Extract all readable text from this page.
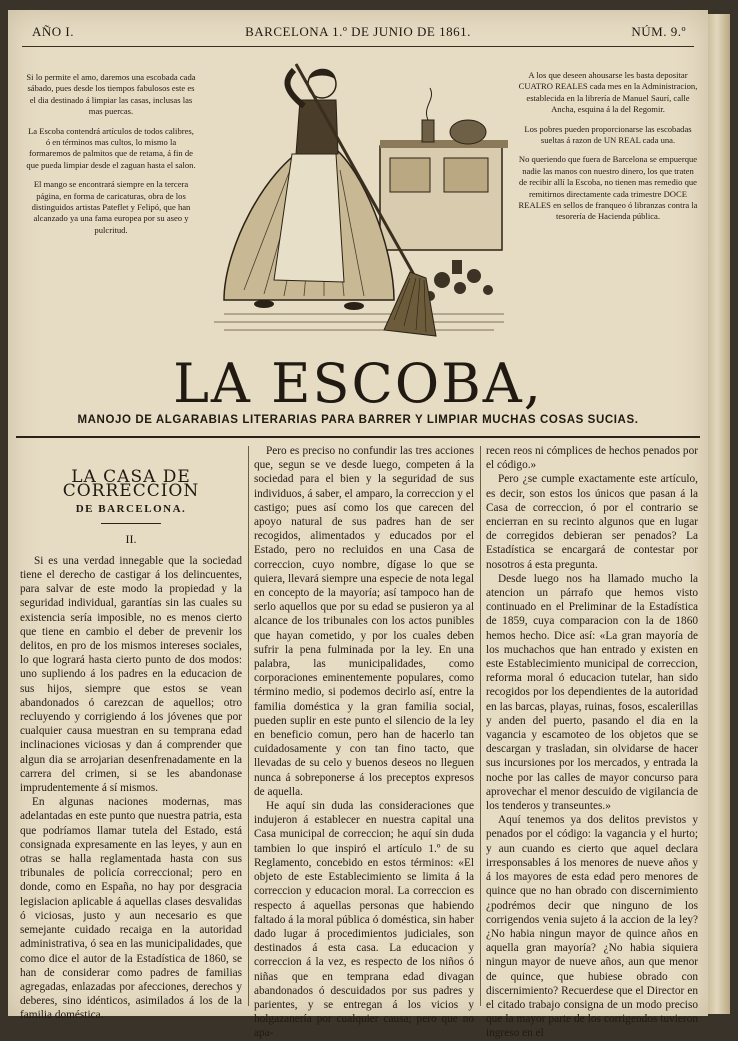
AÑO I.	BARCELONA 1.º DE JUNIO DE 1861.	NÚM. 9.º

Si lo permite el amo, daremos una escobada cada sábado, pues desde los tiempos fabulosos este es el dia destinado á limpiar las casas, inclusas las mas puercas.

La Escoba contendrá artículos de todos calibres, ó en términos mas cultos, lo mismo la formaremos de palmitos que de retama, á fin de que pueda limpiar desde el zaguan hasta el salon.

El mango se encontrará siempre en la tercera página, en forma de caricaturas, obra de los distinguidos artistas Pateflet y Felipó, que han alcanzado ya una fama europea por su aseo y pulcritud.

A los que deseen ahousarse les basta depositar CUATRO REALES cada mes en la Administracion, establecida en la librería de Manuel Saurí, calle Ancha, esquina á la del Regomir.

Los pobres pueden proporcionarse las escobadas sueltas á razon de UN REAL cada una.

No queriendo que fuera de Barcelona se empuerque nadie las manos con nuestro dinero, los que traten de recibir allí la Escoba, no tienen mas remedio que remitirnos directamente cada trimestre DOCE REALES en sellos de franqueo ó libranzas contra la tesorería de Hacienda pública.

LA ESCOBA,
MANOJO DE ALGARABIAS LITERARIAS PARA BARRER Y LIMPIAR MUCHAS COSAS SUCIAS.
LA CASA DE CORRECCION
DE BARCELONA.
II.

Si es una verdad innegable que la sociedad tiene el derecho de castigar á los delincuentes, para salvar de este modo la propiedad y la seguridad individual, garantías sin las cuales su existencia sería imposible, no es menos cierto que tiene en cambio el deber de prevenir los delitos, en pro de los mismos intereses sociales, lo que logrará hasta cierto punto de dos modos: uno supliendo á los padres en la educacion de sus hijos, siempre que estos se vean abandonados ó carezcan de aquellos; otro recluyendo y corrigiendo á los jóvenes que por cualquier causa muestran en su temprana edad inclinaciones viciosas y dan á comprender que algun dia se arrojarian desenfrenadamente en la carrera del crimen, si se les abandonase imprudentemente á sí mismos.

En algunas naciones modernas, mas adelantadas en este punto que nuestra patria, esta que podríamos llamar tutela del Estado, está consignada expresamente en las leyes, y aun en otras se halla reglamentada hasta con sus tribunales de policía correccional; pero en donde, como en España, no hay por desgracia legislacion aplicable á aquellas clases desvalidas ó viciosas, justo y aun necesario es que semejante cuidado recaiga en la autoridad administrativa, ó sea en las municipalidades, que como dice el autor de la Estadística de 1860, se han de considerar como padres de familias agregadas, enlazadas por afecciones, derechos y deberes, sino idénticos, asimilados á los de la familia doméstica.

Pero es preciso no confundir las tres acciones que, segun se ve desde luego, competen á la sociedad para el bien y la seguridad de sus individuos, á saber, el amparo, la correccion y el castigo; pues así como los que carecen del apoyo natural de sus padres han de ser recogidos, alimentados y educados por el Estado, pero no recluidos en una Casa de correccion, cuyo nombre, dígase lo que se quiera, llevará siempre una especie de nota legal en concepto de la mayoría; así tampoco han de serlo aquellos que por su edad se pusieron ya al alcance de los tribunales con los actos punibles que hayan cometido, y por los cuales deben sufrir la pena fulminada por la ley. En una palabra, las municipalidades, como corporaciones eminentemente populares, como término medio, si podemos decirlo así, entre la familia doméstica y la gran familia social, pueden suplir en este punto el silencio de la ley en beneficio comun, pero han de hacerlo tan cuidadosamente y con tan fino tacto, que llevadas de su celo y buenos deseos no lleguen nunca á sobreponerse á los preceptos expresos de aquella.

He aquí sin duda las consideraciones que indujeron á establecer en nuestra capital una Casa municipal de correccion; he aquí sin duda tambien lo que inspiró el artículo 1.º de su Reglamento, concebido en estos términos: «El objeto de este Establecimiento se limita á la correccion y educacion moral. La correccion es respecto á aquellas personas que habiendo faltado á la moral pública ó doméstica, sin haber dado lugar á procedimientos judiciales, son destinados á esta casa. La educacion y correccion á la vez, es respecto de los niños ó niñas que en temprana edad divagan abandonados ó descuidados por sus padres y parientes, y se entregan á los vicios y holgazanería por cualquier causa; pero que no apa-

recen reos ni cómplices de hechos penados por el código.»

Pero ¿se cumple exactamente este artículo, es decir, son estos los únicos que pasan á la Casa de correccion, ó por el contrario se encierran en su recinto algunos que en lugar de corregidos debieran ser penados? La Estadística se encargará de contestar por nosotros á esta pregunta.

Desde luego nos ha llamado mucho la atencion un párrafo que hemos visto continuado en el Preliminar de la Estadística de 1859, cuya comparacion con la de 1860 hemos hecho. Dice así: «La gran mayoría de los muchachos que han entrado y existen en este Establecimiento municipal de correccion, reforma moral ó educacion tutelar, han sido recogidos por los dependientes de la autoridad en las barcas, playas, ruinas, fosos, escalerillas y anden del puerto, pasando el dia en la vagancia y escamoteo de los objetos que se descargan y trasladan, sin olvidarse de hacer sus incursiones por los mercados, y entrada la noche por las calles de mayor concurso para aprovechar el menor descuido de vigilancia de los tenderos y transeuntes.»

Aquí tenemos ya dos delitos previstos y penados por el código: la vagancia y el hurto; y aun cuando es cierto que aquel declara irresponsables á los menores de nueve años y á los mayores de esta edad pero menores de quince que no han obrado con discernimiento ¿podrémos decir que ninguno de los corrigendos venia sujeto á la accion de la ley? ¿No habia ningun mayor de quince años en aquella gran mayoría? ¿No habia siquiera ningun mayor de nueve años, aun que menor de quince, que hubiese obrado con discernimiento? Recuerdese que el Director en el citado trabajo consigna de un modo preciso que la mayor parte de los corrigendos tuvieron ingreso en el
